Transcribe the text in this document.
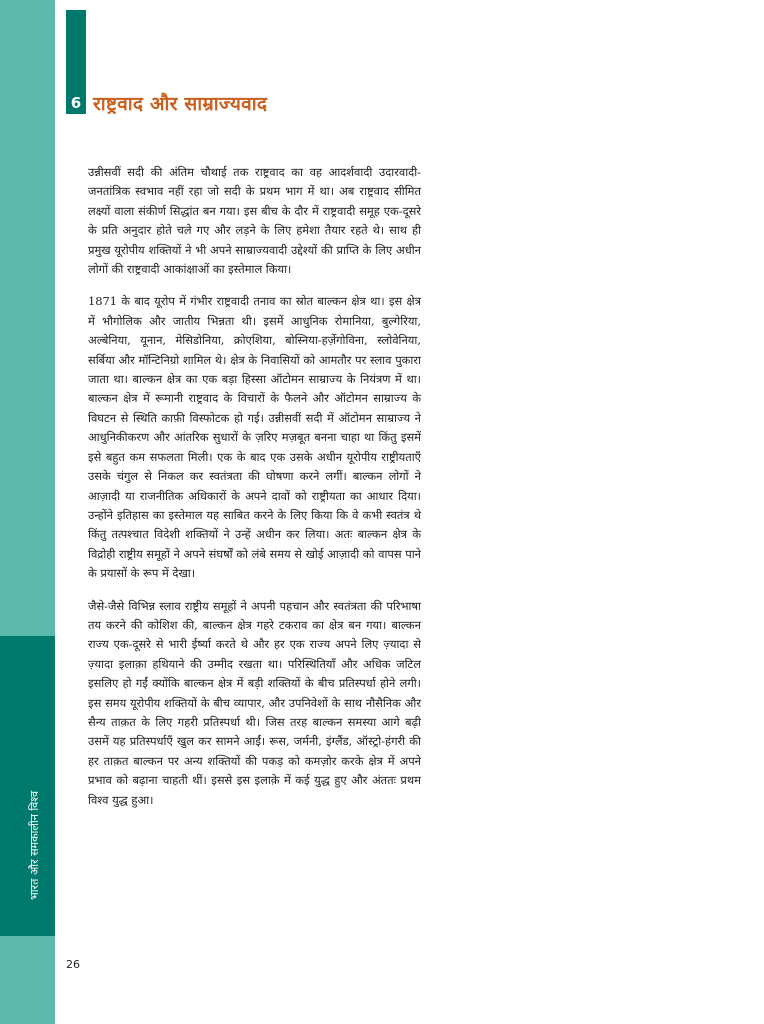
भारत और समकालीन विश्व
6 राष्ट्रवाद और साम्राज्यवाद

उन्नीसवीं सदी की अंतिम चौथाई तक राष्ट्रवाद का वह आदर्शवादी उदारवादी-जनतांत्रिक स्वभाव नहीं रहा जो सदी के प्रथम भाग में था। अब राष्ट्रवाद सीमित लक्ष्यों वाला संकीर्ण सिद्धांत बन गया। इस बीच के दौर में राष्ट्रवादी समूह एक-दूसरे के प्रति अनुदार होते चले गए और लड़ने के लिए हमेशा तैयार रहते थे। साथ ही प्रमुख यूरोपीय शक्तियों ने भी अपने साम्राज्यवादी उद्देश्यों की प्राप्ति के लिए अधीन लोगों की राष्ट्रवादी आकांक्षाओं का इस्तेमाल किया।

1871 के बाद यूरोप में गंभीर राष्ट्रवादी तनाव का स्रोत बाल्कन क्षेत्र था। इस क्षेत्र में भौगोलिक और जातीय भिन्नता थी। इसमें आधुनिक रोमानिया, बुल्गेरिया, अल्बेनिया, यूनान, मेसिडोनिया, क्रोएशिया, बोस्निया-हर्ज़ेगोविना, स्लोवेनिया, सर्बिया और मॉन्टिनिग्रो शामिल थे। क्षेत्र के निवासियों को आमतौर पर स्लाव पुकारा जाता था। बाल्कन क्षेत्र का एक बड़ा हिस्सा ऑटोमन साम्राज्य के नियंत्रण में था। बाल्कन क्षेत्र में रूमानी राष्ट्रवाद के विचारों के फैलने और ऑटोमन साम्राज्य के विघटन से स्थिति काफ़ी विस्फोटक हो गई। उन्नीसवीं सदी में ऑटोमन साम्राज्य ने आधुनिकीकरण और आंतरिक सुधारों के ज़रिए मज़बूत बनना चाहा था किंतु इसमें इसे बहुत कम सफलता मिली। एक के बाद एक उसके अधीन यूरोपीय राष्ट्रीयताएँ उसके चंगुल से निकल कर स्वतंत्रता की घोषणा करने लगीं। बाल्कन लोगों ने आज़ादी या राजनीतिक अधिकारों के अपने दावों को राष्ट्रीयता का आधार दिया। उन्होंने इतिहास का इस्तेमाल यह साबित करने के लिए किया कि वे कभी स्वतंत्र थे किंतु तत्पश्चात विदेशी शक्तियों ने उन्हें अधीन कर लिया। अतः बाल्कन क्षेत्र के विद्रोही राष्ट्रीय समूहों ने अपने संघर्षों को लंबे समय से खोई आज़ादी को वापस पाने के प्रयासों के रूप में देखा।

जैसे-जैसे विभिन्न स्लाव राष्ट्रीय समूहों ने अपनी पहचान और स्वतंत्रता की परिभाषा तय करने की कोशिश की, बाल्कन क्षेत्र गहरे टकराव का क्षेत्र बन गया। बाल्कन राज्य एक-दूसरे से भारी ईर्ष्या करते थे और हर एक राज्य अपने लिए ज़्यादा से ज़्यादा इलाक़ा हथियाने की उम्मीद रखता था। परिस्थितियाँ और अधिक जटिल इसलिए हो गईं क्योंकि बाल्कन क्षेत्र में बड़ी शक्तियों के बीच प्रतिस्पर्धा होने लगी। इस समय यूरोपीय शक्तियों के बीच व्यापार, और उपनिवेशों के साथ नौसैनिक और सैन्य ताक़त के लिए गहरी प्रतिस्पर्धा थी। जिस तरह बाल्कन समस्या आगे बढ़ी उसमें यह प्रतिस्पर्धाएँ खुल कर सामने आईं। रूस, जर्मनी, इंग्लैंड, ऑस्ट्रो-हंगरी की हर ताक़त बाल्कन पर अन्य शक्तियों की पकड़ को कमज़ोर करके क्षेत्र में अपने प्रभाव को बढ़ाना चाहती थीं। इससे इस इलाक़े में कई युद्ध हुए और अंततः प्रथम विश्व युद्ध हुआ।

26
